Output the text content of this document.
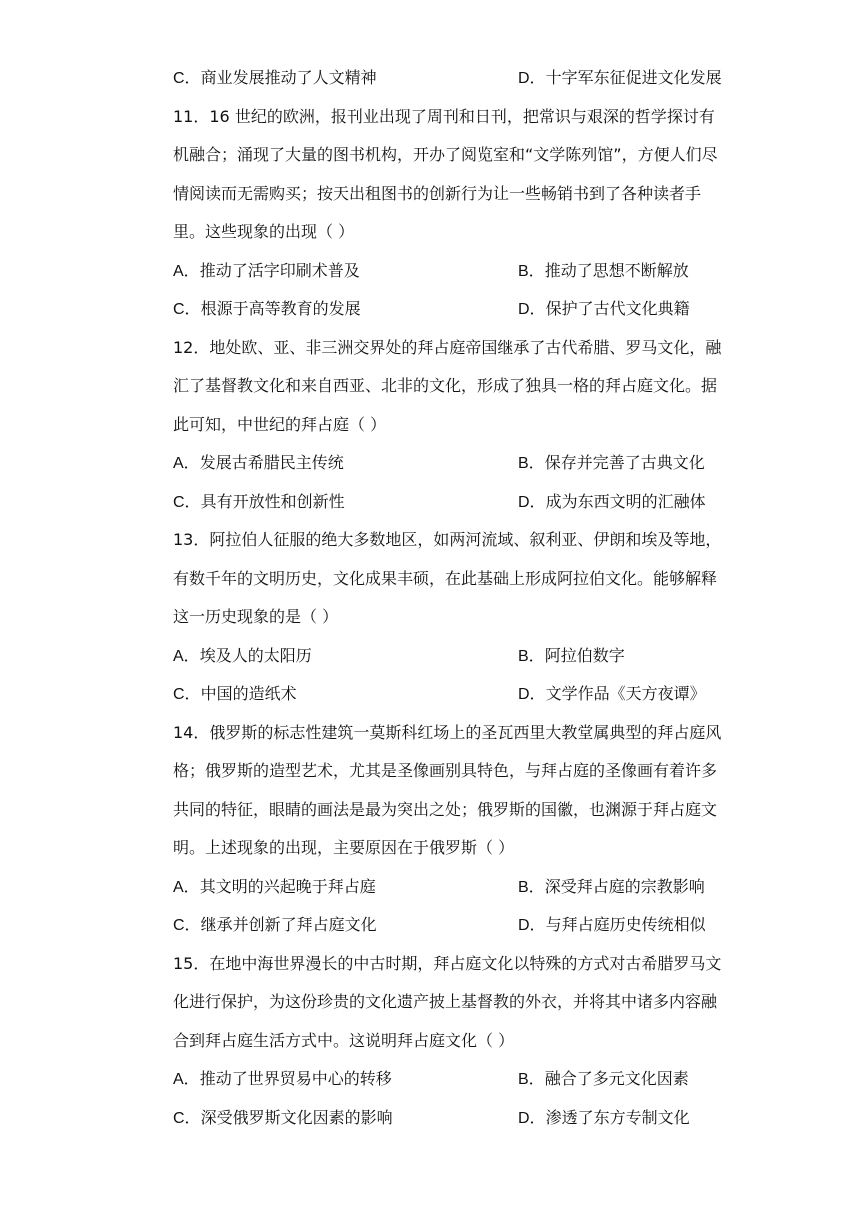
C．商业发展推动了人文精神	D．十字军东征促进文化发展
11．16 世纪的欧洲，报刊业出现了周刊和日刊，把常识与艰深的哲学探讨有
机融合；涌现了大量的图书机构，开办了阅览室和“文学陈列馆”，方便人们尽
情阅读而无需购买；按天出租图书的创新行为让一些畅销书到了各种读者手
里。这些现象的出现（ ）
A．推动了活字印刷术普及	B．推动了思想不断解放
C．根源于高等教育的发展	D．保护了古代文化典籍
12．地处欧、亚、非三洲交界处的拜占庭帝国继承了古代希腊、罗马文化，融
汇了基督教文化和来自西亚、北非的文化，形成了独具一格的拜占庭文化。据
此可知，中世纪的拜占庭（ ）
A．发展古希腊民主传统	B．保存并完善了古典文化
C．具有开放性和创新性	D．成为东西文明的汇融体
13．阿拉伯人征服的绝大多数地区，如两河流域、叙利亚、伊朗和埃及等地，
有数千年的文明历史，文化成果丰硕，在此基础上形成阿拉伯文化。能够解释
这一历史现象的是（ ）
A．埃及人的太阳历	B．阿拉伯数字
C．中国的造纸术	D．文学作品《天方夜谭》
14．俄罗斯的标志性建筑一莫斯科红场上的圣瓦西里大教堂属典型的拜占庭风
格；俄罗斯的造型艺术，尤其是圣像画别具特色，与拜占庭的圣像画有着许多
共同的特征，眼睛的画法是最为突出之处；俄罗斯的国徽，也渊源于拜占庭文
明。上述现象的出现，主要原因在于俄罗斯（ ）
A．其文明的兴起晚于拜占庭	B．深受拜占庭的宗教影响
C．继承并创新了拜占庭文化	D．与拜占庭历史传统相似
15．在地中海世界漫长的中古时期，拜占庭文化以特殊的方式对古希腊罗马文
化进行保护，为这份珍贵的文化遗产披上基督教的外衣，并将其中诸多内容融
合到拜占庭生活方式中。这说明拜占庭文化（ ）
A．推动了世界贸易中心的转移	B．融合了多元文化因素
C．深受俄罗斯文化因素的影响	D．渗透了东方专制文化
